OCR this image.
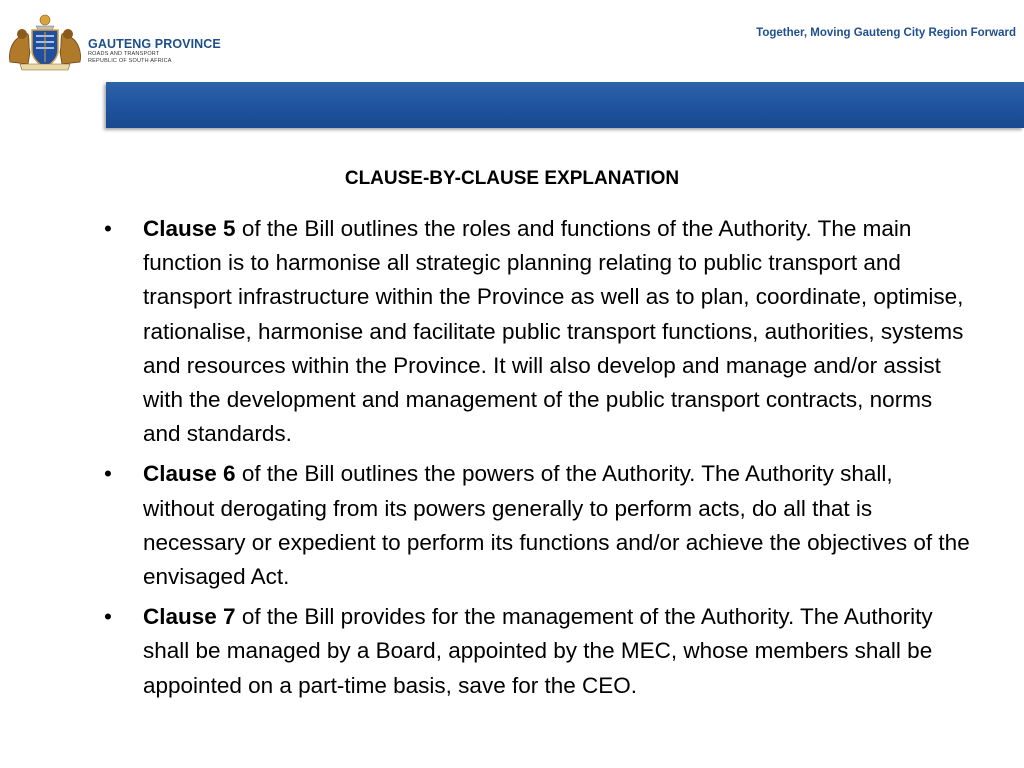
GAUTENG PROVINCE
ROADS AND TRANSPORT
REPUBLIC OF SOUTH AFRICA
Together, Moving Gauteng City Region Forward
CLAUSE-BY-CLAUSE EXPLANATION
• Clause 5 of the Bill outlines the roles and functions of the Authority. The main function is to harmonise all strategic planning relating to public transport and transport infrastructure within the Province as well as to plan, coordinate, optimise, rationalise, harmonise and facilitate public transport functions, authorities, systems and resources within the Province. It will also develop and manage and/or assist with the development and management of the public transport contracts, norms and standards.
• Clause 6 of the Bill outlines the powers of the Authority. The Authority shall, without derogating from its powers generally to perform acts, do all that is necessary or expedient to perform its functions and/or achieve the objectives of the envisaged Act.
• Clause 7 of the Bill provides for the management of the Authority. The Authority shall be managed by a Board, appointed by the MEC, whose members shall be appointed on a part-time basis, save for the CEO.
